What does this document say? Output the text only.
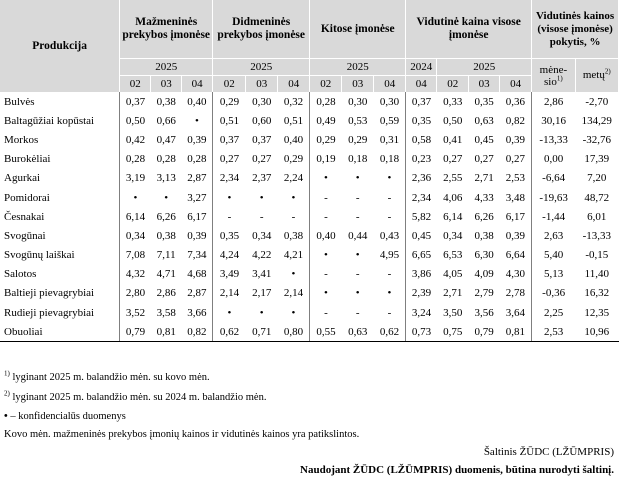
Produkcija	Mažmeninės prekybos įmonėse			Didmeninės prekybos įmonėse			Kitose įmonėse			Vidutinė kaina visose įmonėse				Vidutinės kainos (visose įmonėse) pokytis, %	
	2025			2025			2025			2024	2025			mėne-sio$^{1)}$	metų$^{2)}$
	02	03	04	02	03	04	02	03	04	04	02	03	04		
Bulvės	0,37	0,38	0,40	0,29	0,30	0,32	0,28	0,30	0,30	0,37	0,33	0,35	0,36	2,86	-2,70
Baltagūžiai kopūstai	0,50	0,66	•	0,51	0,60	0,51	0,49	0,53	0,59	0,35	0,50	0,63	0,82	30,16	134,29
Morkos	0,42	0,47	0,39	0,37	0,37	0,40	0,29	0,29	0,31	0,58	0,41	0,45	0,39	-13,33	-32,76
Burokėliai	0,28	0,28	0,28	0,27	0,27	0,29	0,19	0,18	0,18	0,23	0,27	0,27	0,27	0,00	17,39
Agurkai	3,19	3,13	2,87	2,34	2,37	2,24	•	•	•	2,36	2,55	2,71	2,53	-6,64	7,20
Pomidorai	•	•	3,27	•	•	•	-	-	-	2,34	4,06	4,33	3,48	-19,63	48,72
Česnakai	6,14	6,26	6,17	-	-	-	-	-	-	5,82	6,14	6,26	6,17	-1,44	6,01
Svogūnai	0,34	0,38	0,39	0,35	0,34	0,38	0,40	0,44	0,43	0,45	0,34	0,38	0,39	2,63	-13,33
Svogūnų laiškai	7,08	7,11	7,34	4,24	4,22	4,21	•	•	4,95	6,65	6,53	6,30	6,64	5,40	-0,15
Salotos	4,32	4,71	4,68	3,49	3,41	•	-	-	-	3,86	4,05	4,09	4,30	5,13	11,40
Baltieji pievagrybiai	2,80	2,86	2,87	2,14	2,17	2,14	•	•	•	2,39	2,71	2,79	2,78	-0,36	16,32
Rudieji pievagrybiai	3,52	3,58	3,66	•	•	•	-	-	-	3,24	3,50	3,56	3,64	2,25	12,35
Obuoliai	0,79	0,81	0,82	0,62	0,71	0,80	0,55	0,63	0,62	0,73	0,75	0,79	0,81	2,53	10,96
$^{1)}$ lyginant 2025 m. balandžio mėn. su kovo mėn.
$^{2)}$ lyginant 2025 m. balandžio mėn. su 2024 m. balandžio mėn.
• – konfidencialūs duomenys
Kovo mėn. mažmeninės prekybos įmonių kainos ir vidutinės kainos yra patikslintos.
Šaltinis ŽŪDC (LŽŪMPRIS)
Naudojant ŽŪDC (LŽŪMPRIS) duomenis, būtina nurodyti šaltinį.
